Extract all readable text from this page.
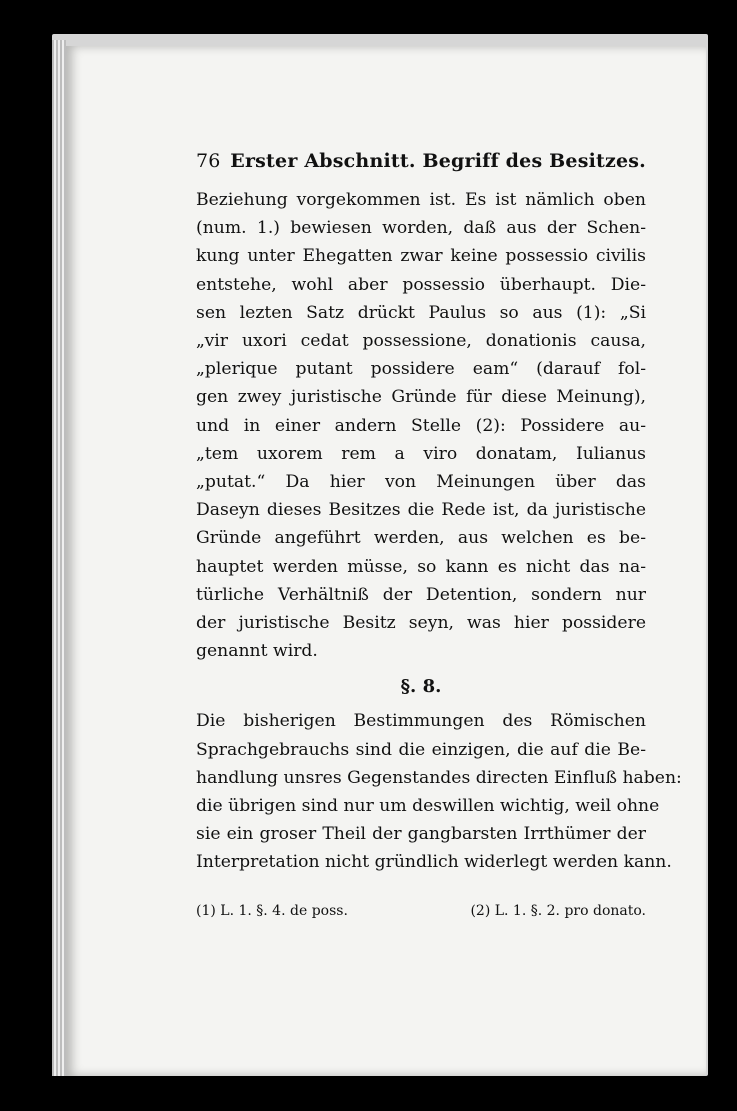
76 Erster Abschnitt. Begriff des Besitzes.
Beziehung vorgekommen ist. Es ist nämlich oben
(num. 1.) bewiesen worden, daß aus der Schen-
kung unter Ehegatten zwar keine possessio civilis
entstehe, wohl aber possessio überhaupt. Die-
sen lezten Satz drückt Paulus so aus (1): „Si
„vir uxori cedat possessione, donationis causa,
„plerique putant possidere eam“ (darauf fol-
gen zwey juristische Gründe für diese Meinung),
und in einer andern Stelle (2): Possidere au-
„tem uxorem rem a viro donatam, Iulianus
„putat.“ Da hier von Meinungen über das
Daseyn dieses Besitzes die Rede ist, da juristische
Gründe angeführt werden, aus welchen es be-
hauptet werden müsse, so kann es nicht das na-
türliche Verhältniß der Detention, sondern nur
der juristische Besitz seyn, was hier possidere
genannt wird.
§. 8.
Die bisherigen Bestimmungen des Römischen
Sprachgebrauchs sind die einzigen, die auf die Be-
handlung unsres Gegenstandes directen Einfluß haben:
die übrigen sind nur um deswillen wichtig, weil ohne
sie ein groser Theil der gangbarsten Irrthümer der
Interpretation nicht gründlich widerlegt werden kann.
(1) L. 1. §. 4. de poss.	(2) L. 1. §. 2. pro donato.
